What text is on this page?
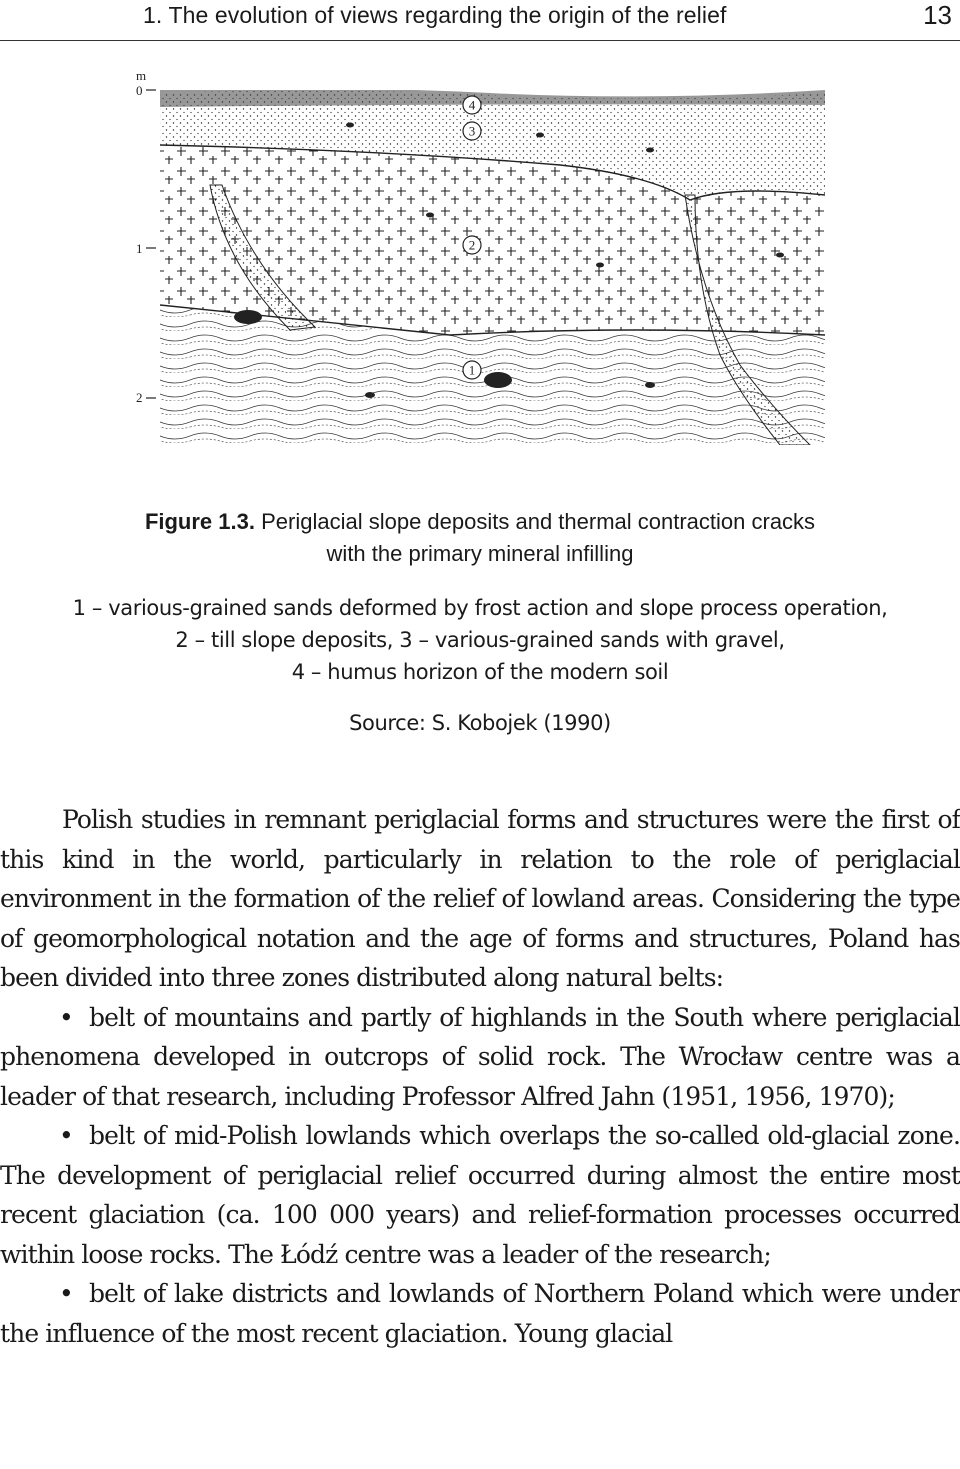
1. The evolution of views regarding the origin of the relief	13
m
0
1
2
4
3
2
1
Figure 1.3. Periglacial slope deposits and thermal contraction cracks
with the primary mineral infilling
1 – various-grained sands deformed by frost action and slope process operation,
2 – till slope deposits, 3 – various-grained sands with gravel,
4 – humus horizon of the modern soil
Source: S. Kobojek (1990)

Polish studies in remnant periglacial forms and structures were the first of this kind in the world, particularly in relation to the role of periglacial environment in the formation of the relief of lowland areas. Considering the type of geomorphological notation and the age of forms and structures, Poland has been divided into three zones distributed along natural belts:

• belt of mountains and partly of highlands in the South where periglacial phenomena developed in outcrops of solid rock. The Wrocław centre was a leader of that research, including Professor Alfred Jahn (1951, 1956, 1970);
• belt of mid-Polish lowlands which overlaps the so-called old-glacial zone. The development of periglacial relief occurred during almost the entire most recent glaciation (ca. 100 000 years) and relief-formation processes occurred within loose rocks. The Łódź centre was a leader of the research;
• belt of lake districts and lowlands of Northern Poland which were under the influence of the most recent glaciation. Young glacial
